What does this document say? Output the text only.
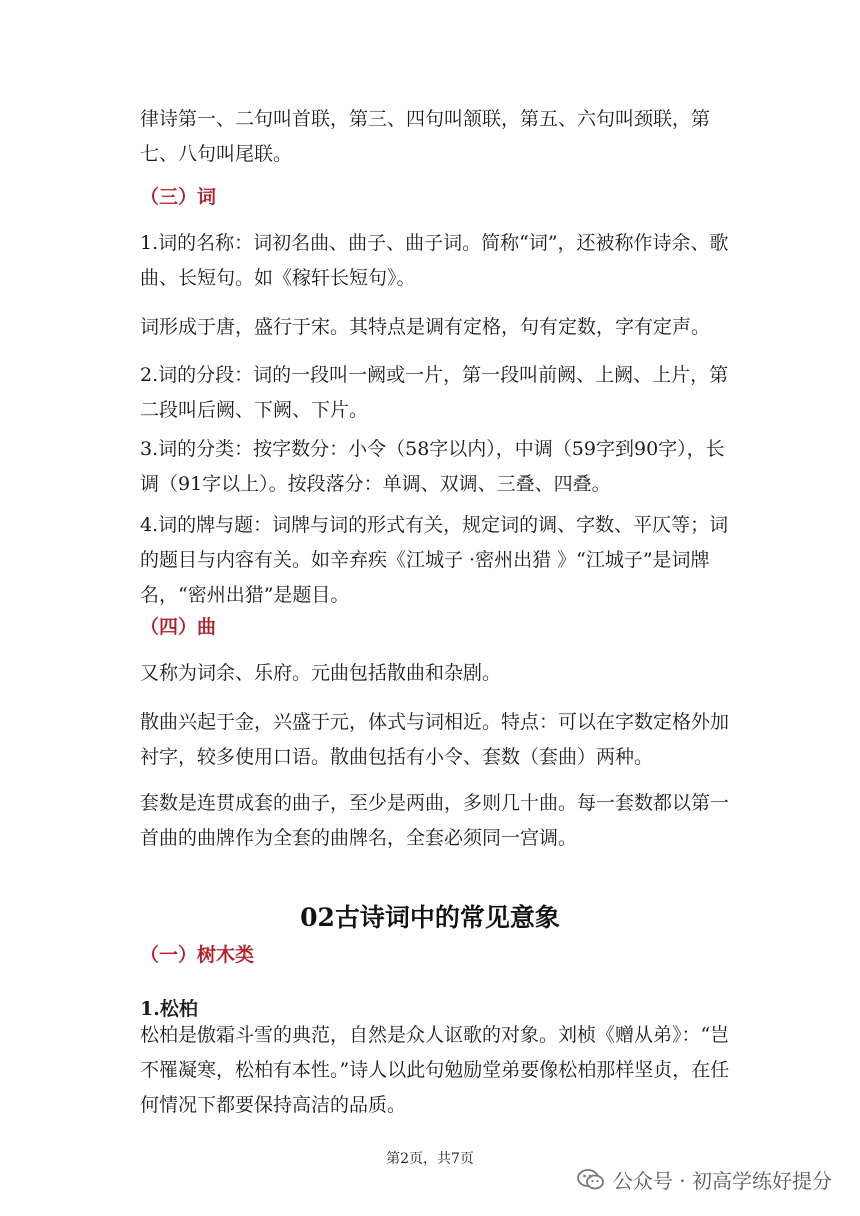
律诗第一、二句叫首联，第三、四句叫颔联，第五、六句叫颈联，第七、八句叫尾联。

（三）词

1.词的名称：词初名曲、曲子、曲子词。简称“词”，还被称作诗余、歌曲、长短句。如《稼轩长短句》。

词形成于唐，盛行于宋。其特点是调有定格，句有定数，字有定声。

2.词的分段：词的一段叫一阙或一片，第一段叫前阙、上阙、上片，第二段叫后阙、下阙、下片。

3.词的分类：按字数分：小令（58字以内），中调（59字到90字），长调（91字以上）。按段落分：单调、双调、三叠、四叠。

4.词的牌与题：词牌与词的形式有关，规定词的调、字数、平仄等；词的题目与内容有关。如辛弃疾《江城子 ·密州出猎 》“江城子”是词牌名，“密州出猎”是题目。

（四）曲

又称为词余、乐府。元曲包括散曲和杂剧。

散曲兴起于金，兴盛于元，体式与词相近。特点：可以在字数定格外加衬字，较多使用口语。散曲包括有小令、套数（套曲）两种。

套数是连贯成套的曲子，至少是两曲，多则几十曲。每一套数都以第一首曲的曲牌作为全套的曲牌名，全套必须同一宫调。

02古诗词中的常见意象

（一）树木类

1.松柏

松柏是傲霜斗雪的典范，自然是众人讴歌的对象。刘桢《赠从弟》：“岂不罹凝寒，松柏有本性。”诗人以此句勉励堂弟要像松柏那样坚贞，在任何情况下都要保持高洁的品质。

第2页，共7页
公众号 · 初高学练好提分
